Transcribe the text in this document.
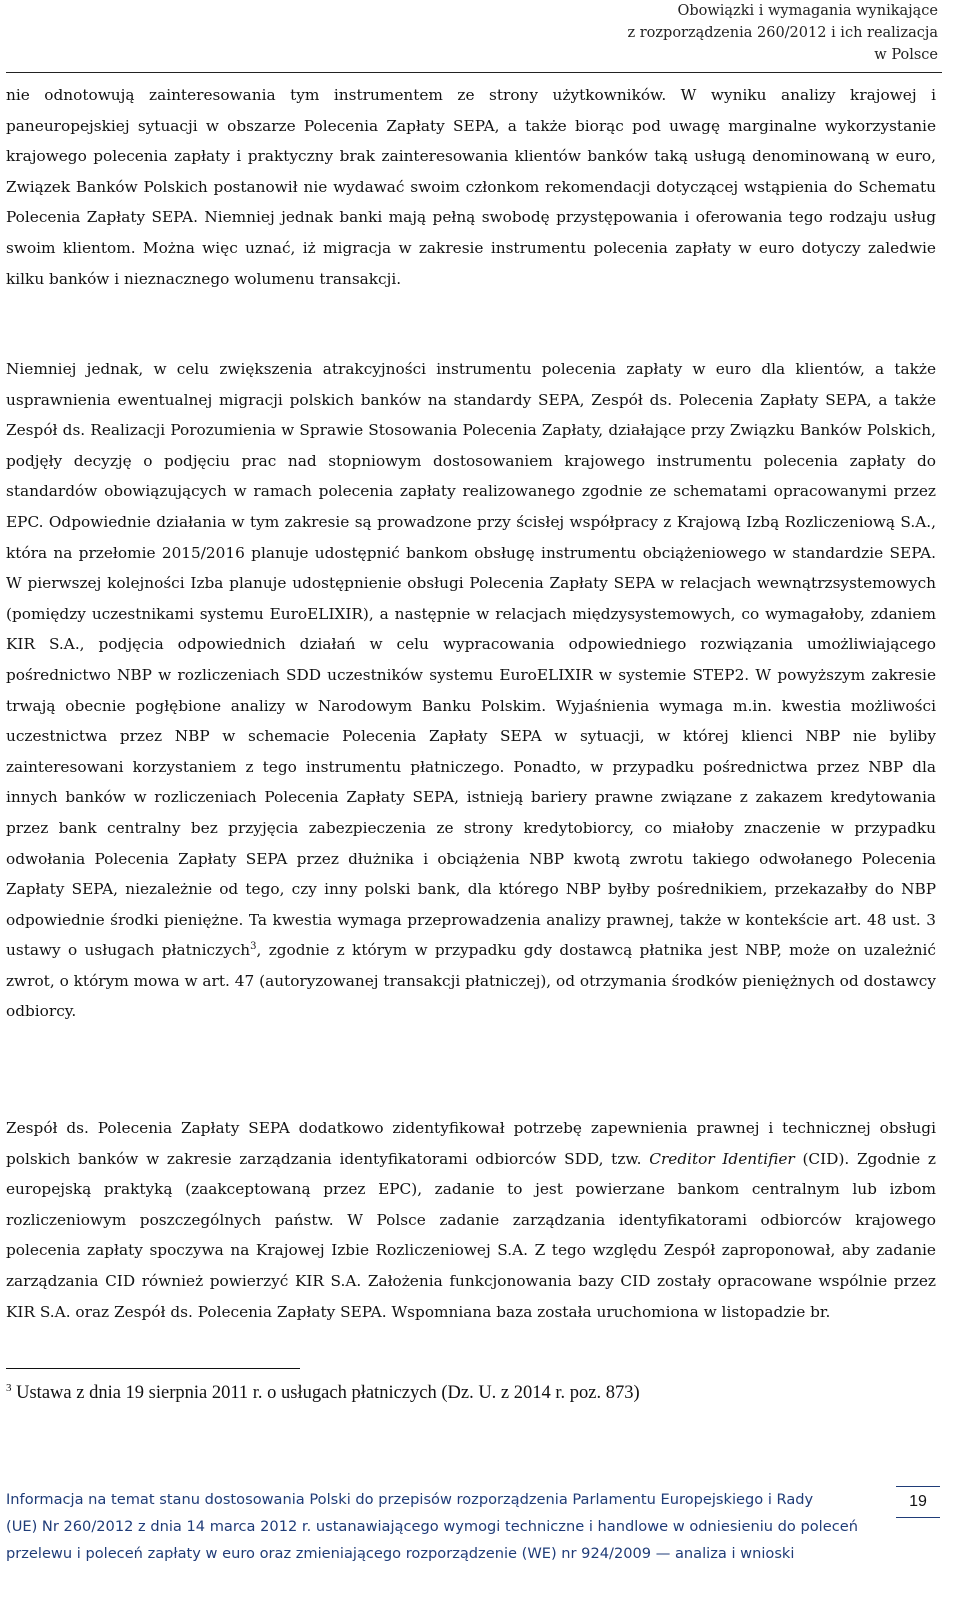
Obowiązki i wymagania wynikające
z rozporządzenia 260/2012 i ich realizacja
w Polsce

nie odnotowują zainteresowania tym instrumentem ze strony użytkowników. W wyniku analizy krajowej i paneuropejskiej sytuacji w obszarze Polecenia Zapłaty SEPA, a także biorąc pod uwagę marginalne wykorzystanie krajowego polecenia zapłaty i praktyczny brak zainteresowania klientów banków taką usługą denominowaną w euro, Związek Banków Polskich postanowił nie wydawać swoim członkom rekomendacji dotyczącej wstąpienia do Schematu Polecenia Zapłaty SEPA. Niemniej jednak banki mają pełną swobodę przystępowania i oferowania tego rodzaju usług swoim klientom. Można więc uznać, iż migracja w zakresie instrumentu polecenia zapłaty w euro dotyczy zaledwie kilku banków i nieznacznego wolumenu transakcji.

Niemniej jednak, w celu zwiększenia atrakcyjności instrumentu polecenia zapłaty w euro dla klientów, a także usprawnienia ewentualnej migracji polskich banków na standardy SEPA, Zespół ds. Polecenia Zapłaty SEPA, a także Zespół ds. Realizacji Porozumienia w Sprawie Stosowania Polecenia Zapłaty, działające przy Związku Banków Polskich, podjęły decyzję o podjęciu prac nad stopniowym dostosowaniem krajowego instrumentu polecenia zapłaty do standardów obowiązujących w ramach polecenia zapłaty realizowanego zgodnie ze schematami opracowanymi przez EPC. Odpowiednie działania w tym zakresie są prowadzone przy ścisłej współpracy z Krajową Izbą Rozliczeniową S.A., która na przełomie 2015/2016 planuje udostępnić bankom obsługę instrumentu obciążeniowego w standardzie SEPA. W pierwszej kolejności Izba planuje udostępnienie obsługi Polecenia Zapłaty SEPA w relacjach wewnątrzsystemowych (pomiędzy uczestnikami systemu EuroELIXIR), a następnie w relacjach międzysystemowych, co wymagałoby, zdaniem KIR S.A., podjęcia odpowiednich działań w celu wypracowania odpowiedniego rozwiązania umożliwiającego pośrednictwo NBP w rozliczeniach SDD uczestników systemu EuroELIXIR w systemie STEP2. W powyższym zakresie trwają obecnie pogłębione analizy w Narodowym Banku Polskim. Wyjaśnienia wymaga m.in. kwestia możliwości uczestnictwa przez NBP w schemacie Polecenia Zapłaty SEPA w sytuacji, w której klienci NBP nie byliby zainteresowani korzystaniem z tego instrumentu płatniczego. Ponadto, w przypadku pośrednictwa przez NBP dla innych banków w rozliczeniach Polecenia Zapłaty SEPA, istnieją bariery prawne związane z zakazem kredytowania przez bank centralny bez przyjęcia zabezpieczenia ze strony kredytobiorcy, co miałoby znaczenie w przypadku odwołania Polecenia Zapłaty SEPA przez dłużnika i obciążenia NBP kwotą zwrotu takiego odwołanego Polecenia Zapłaty SEPA, niezależnie od tego, czy inny polski bank, dla którego NBP byłby pośrednikiem, przekazałby do NBP odpowiednie środki pieniężne. Ta kwestia wymaga przeprowadzenia analizy prawnej, także w kontekście art. 48 ust. 3 ustawy o usługach płatniczych$^3$, zgodnie z którym w przypadku gdy dostawcą płatnika jest NBP, może on uzależnić zwrot, o którym mowa w art. 47 (autoryzowanej transakcji płatniczej), od otrzymania środków pieniężnych od dostawcy odbiorcy.

Zespół ds. Polecenia Zapłaty SEPA dodatkowo zidentyfikował potrzebę zapewnienia prawnej i technicznej obsługi polskich banków w zakresie zarządzania identyfikatorami odbiorców SDD, tzw. Creditor Identifier (CID). Zgodnie z europejską praktyką (zaakceptowaną przez EPC), zadanie to jest powierzane bankom centralnym lub izbom rozliczeniowym poszczególnych państw. W Polsce zadanie zarządzania identyfikatorami odbiorców krajowego polecenia zapłaty spoczywa na Krajowej Izbie Rozliczeniowej S.A. Z tego względu Zespół zaproponował, aby zadanie zarządzania CID również powierzyć KIR S.A. Założenia funkcjonowania bazy CID zostały opracowane wspólnie przez KIR S.A. oraz Zespół ds. Polecenia Zapłaty SEPA. Wspomniana baza została uruchomiona w listopadzie br.

$^3$ Ustawa z dnia 19 sierpnia 2011 r. o usługach płatniczych (Dz. U. z 2014 r. poz. 873)
Informacja na temat stanu dostosowania Polski do przepisów rozporządzenia Parlamentu Europejskiego i Rady
(UE) Nr 260/2012 z dnia 14 marca 2012 r. ustanawiającego wymogi techniczne i handlowe w odniesieniu do poleceń
przelewu i poleceń zapłaty w euro oraz zmieniającego rozporządzenie (WE) nr 924/2009 — analiza i wnioski
19
